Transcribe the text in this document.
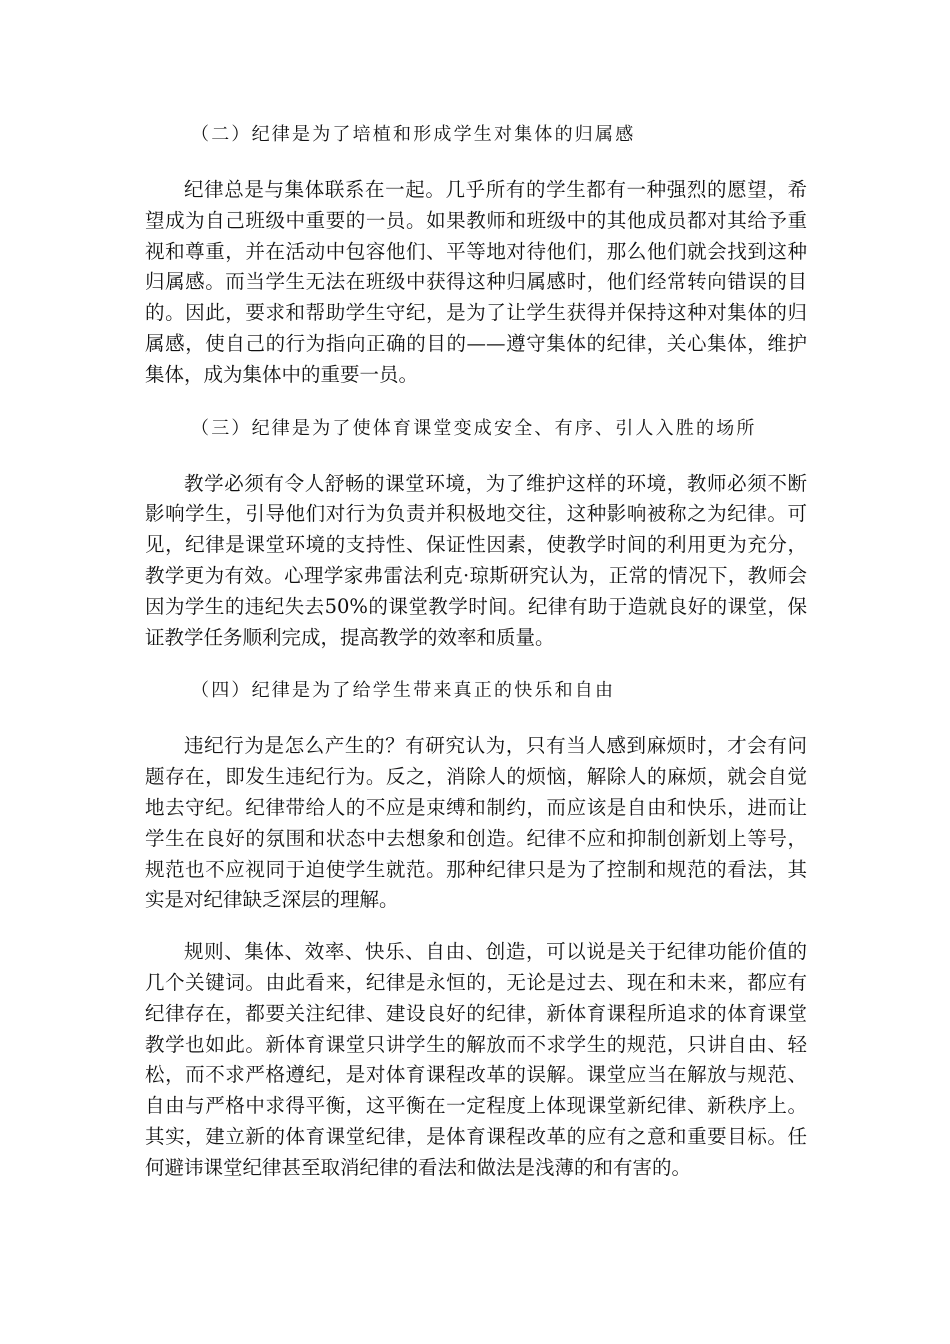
（二）纪律是为了培植和形成学生对集体的归属感

纪律总是与集体联系在一起。几乎所有的学生都有一种强烈的愿望，希望成为自己班级中重要的一员。如果教师和班级中的其他成员都对其给予重视和尊重，并在活动中包容他们、平等地对待他们，那么他们就会找到这种归属感。而当学生无法在班级中获得这种归属感时，他们经常转向错误的目的。因此，要求和帮助学生守纪，是为了让学生获得并保持这种对集体的归属感，使自己的行为指向正确的目的——遵守集体的纪律，关心集体，维护集体，成为集体中的重要一员。

（三）纪律是为了使体育课堂变成安全、有序、引人入胜的场所

教学必须有令人舒畅的课堂环境，为了维护这样的环境，教师必须不断影响学生，引导他们对行为负责并积极地交往，这种影响被称之为纪律。可见，纪律是课堂环境的支持性、保证性因素，使教学时间的利用更为充分，教学更为有效。心理学家弗雷法利克·琼斯研究认为，正常的情况下，教师会因为学生的违纪失去50%的课堂教学时间。纪律有助于造就良好的课堂，保证教学任务顺利完成，提高教学的效率和质量。

（四）纪律是为了给学生带来真正的快乐和自由

违纪行为是怎么产生的？有研究认为，只有当人感到麻烦时，才会有问题存在，即发生违纪行为。反之，消除人的烦恼，解除人的麻烦，就会自觉地去守纪。纪律带给人的不应是束缚和制约，而应该是自由和快乐，进而让学生在良好的氛围和状态中去想象和创造。纪律不应和抑制创新划上等号，规范也不应视同于迫使学生就范。那种纪律只是为了控制和规范的看法，其实是对纪律缺乏深层的理解。

规则、集体、效率、快乐、自由、创造，可以说是关于纪律功能价值的几个关键词。由此看来，纪律是永恒的，无论是过去、现在和未来，都应有纪律存在，都要关注纪律、建设良好的纪律，新体育课程所追求的体育课堂教学也如此。新体育课堂只讲学生的解放而不求学生的规范，只讲自由、轻松，而不求严格遵纪，是对体育课程改革的误解。课堂应当在解放与规范、自由与严格中求得平衡，这平衡在一定程度上体现课堂新纪律、新秩序上。其实，建立新的体育课堂纪律，是体育课程改革的应有之意和重要目标。任何避讳课堂纪律甚至取消纪律的看法和做法是浅薄的和有害的。
